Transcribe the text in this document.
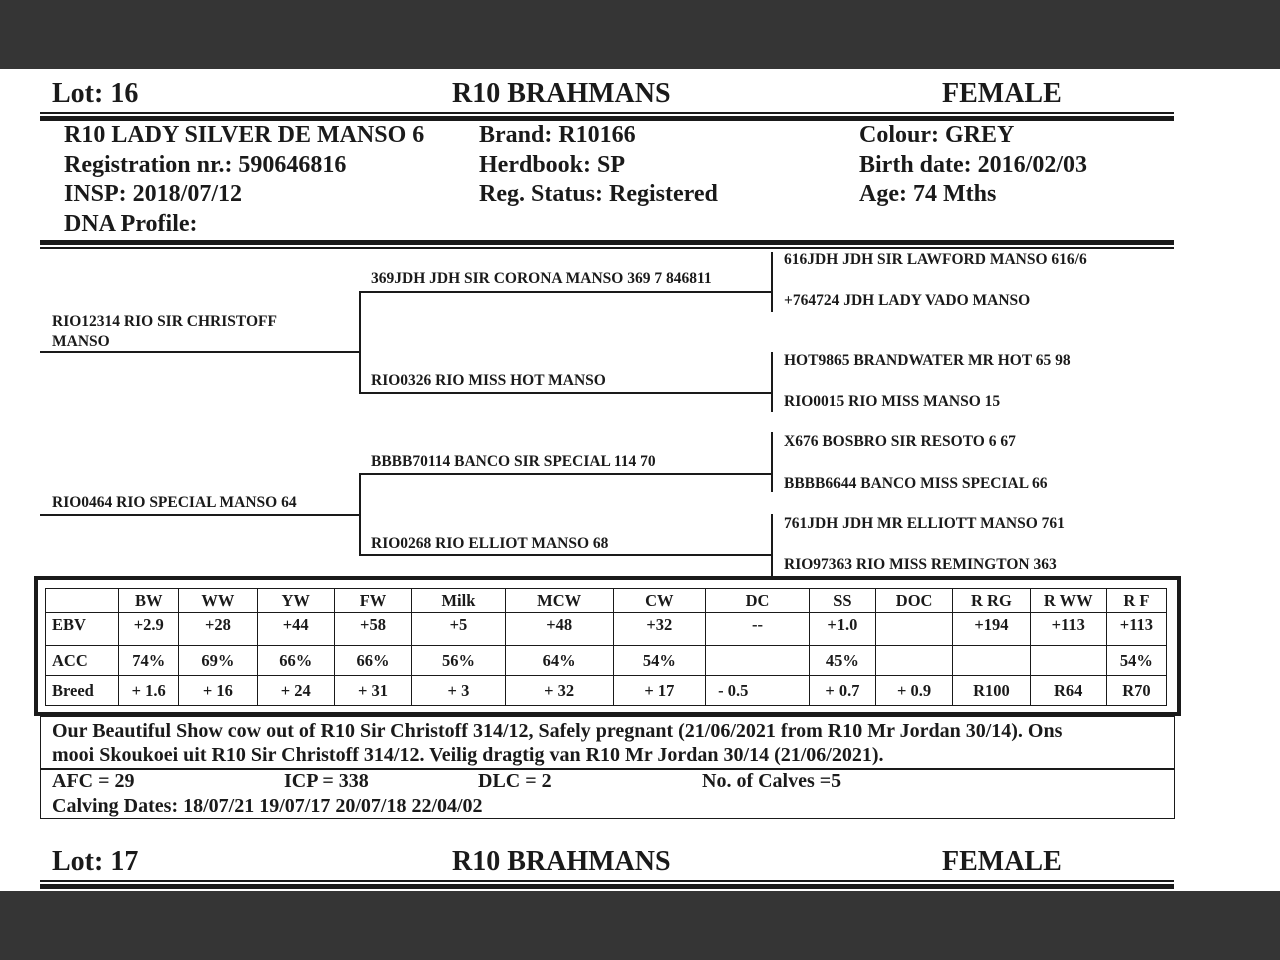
Lot: 16	R10 BRAHMANS	FEMALE
R10 LADY SILVER DE MANSO 6
Registration nr.: 590646816
INSP: 2018/07/12
DNA Profile:
Brand: R10166
Herdbook: SP
Reg. Status: Registered
Colour: GREY
Birth date: 2016/02/03
Age: 74 Mths
RIO12314 RIO SIR CHRISTOFF MANSO
RIO0464 RIO SPECIAL MANSO 64
369JDH JDH SIR CORONA MANSO 369 7 846811
RIO0326 RIO MISS HOT MANSO
BBBB70114 BANCO SIR SPECIAL 114 70
RIO0268 RIO ELLIOT MANSO 68
616JDH JDH SIR LAWFORD MANSO 616/6
+764724 JDH LADY VADO MANSO
HOT9865 BRANDWATER MR HOT 65 98
RIO0015 RIO MISS MANSO 15
X676 BOSBRO SIR RESOTO 6 67
BBBB6644 BANCO MISS SPECIAL 66
761JDH JDH MR ELLIOTT MANSO 761
RIO97363 RIO MISS REMINGTON 363
	BW	WW	YW	FW	Milk	MCW	CW	DC	SS	DOC	R RG	R WW	R F
EBV	+2.9	+28	+44	+58	+5	+48	+32	--	+1.0		+194	+113	+113
ACC	74%	69%	66%	66%	56%	64%	54%		45%				54%
Breed	+ 1.6	+ 16	+ 24	+ 31	+ 3	+ 32	+ 17	- 0.5	+ 0.7	+ 0.9	R100	R64	R70
Our Beautiful Show cow out of R10 Sir Christoff 314/12, Safely pregnant (21/06/2021 from R10 Mr Jordan 30/14). Ons
mooi Skoukoei uit R10 Sir Christoff 314/12. Veilig dragtig van R10 Mr Jordan 30/14 (21/06/2021).
AFC = 29	ICP = 338	DLC = 2	No. of Calves =5
Calving Dates: 18/07/21 19/07/17 20/07/18 22/04/02
Lot: 17	R10 BRAHMANS	FEMALE
